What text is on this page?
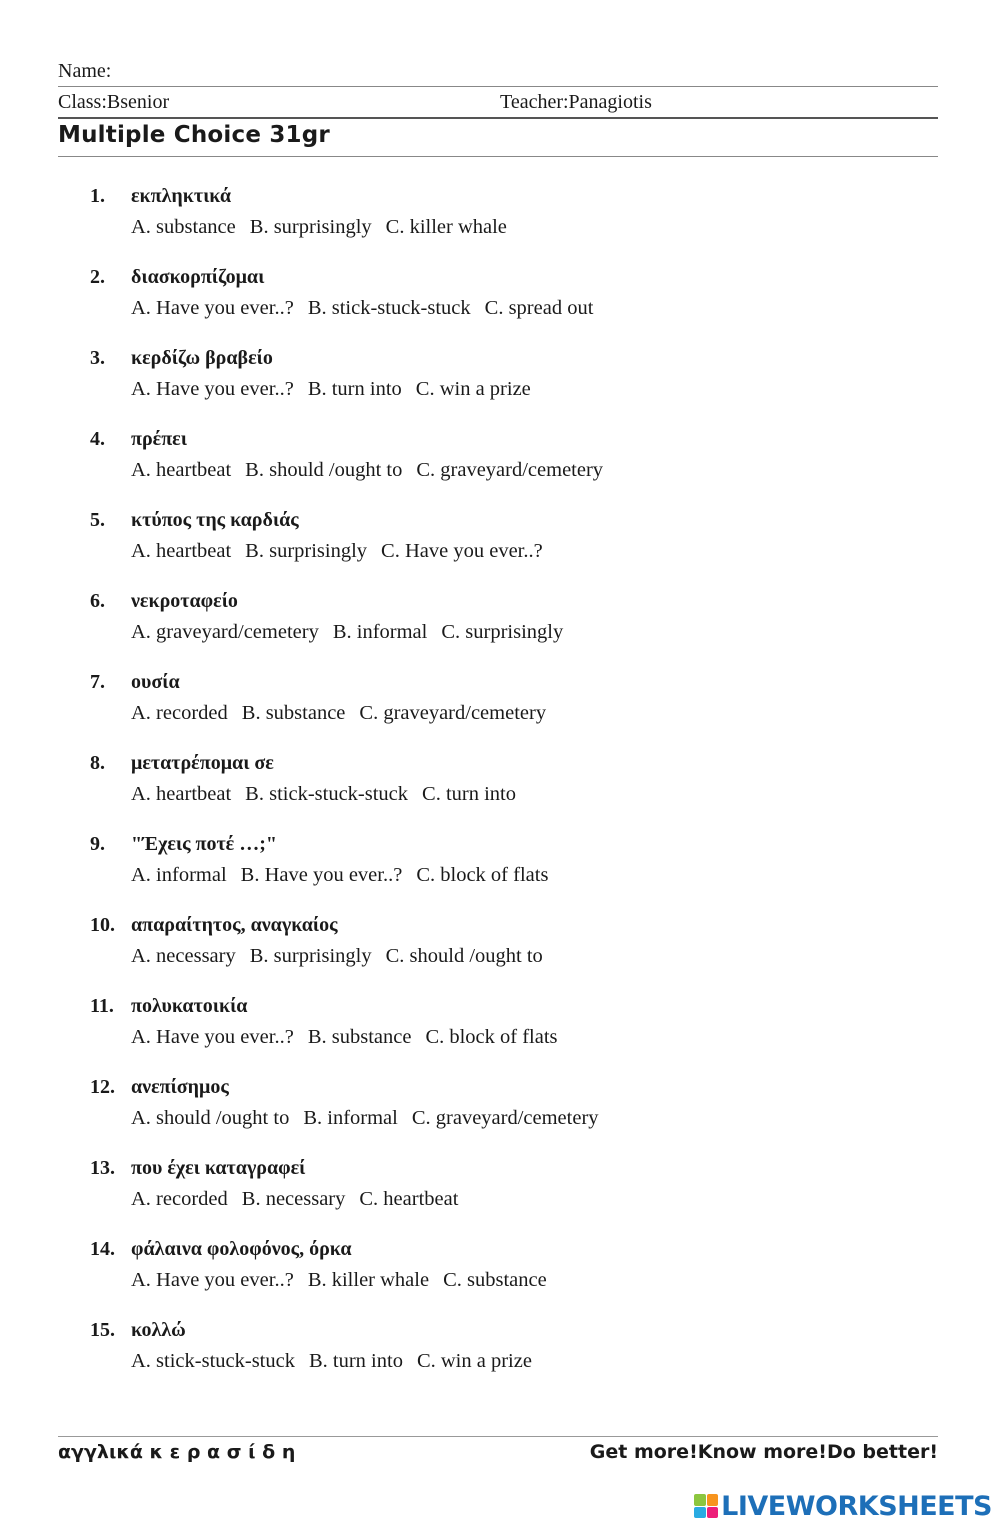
Name:
Class:Bsenior	Teacher:Panagiotis
Multiple Choice 31gr
1.	εκπληκτικά
A. substance B. surprisingly C. killer whale
2.	διασκορπίζομαι
A. Have you ever..? B. stick-stuck-stuck C. spread out
3.	κερδίζω βραβείο
A. Have you ever..? B. turn into C. win a prize
4.	πρέπει
A. heartbeat B. should /ought to C. graveyard/cemetery
5.	κτύπος της καρδιάς
A. heartbeat B. surprisingly C. Have you ever..?
6.	νεκροταφείο
A. graveyard/cemetery B. informal C. surprisingly
7.	ουσία
A. recorded B. substance C. graveyard/cemetery
8.	μετατρέπομαι σε
A. heartbeat B. stick-stuck-stuck C. turn into
9.	"Έχεις ποτέ …;"
A. informal B. Have you ever..? C. block of flats
10. απαραίτητος, αναγκαίος
A. necessary B. surprisingly C. should /ought to
11. πολυκατοικία
A. Have you ever..? B. substance C. block of flats
12. ανεπίσημος
A. should /ought to B. informal C. graveyard/cemetery
13. που έχει καταγραφεί
A. recorded B. necessary C. heartbeat
14. φάλαινα φολοφόνος, όρκα
A. Have you ever..? B. killer whale C. substance
15. κολλώ
A. stick-stuck-stuck B. turn into C. win a prize
αγγλικά κ ε ρ α σ ί δ η	Get more!Know more!Do better!
LIVEWORKSHEETS
